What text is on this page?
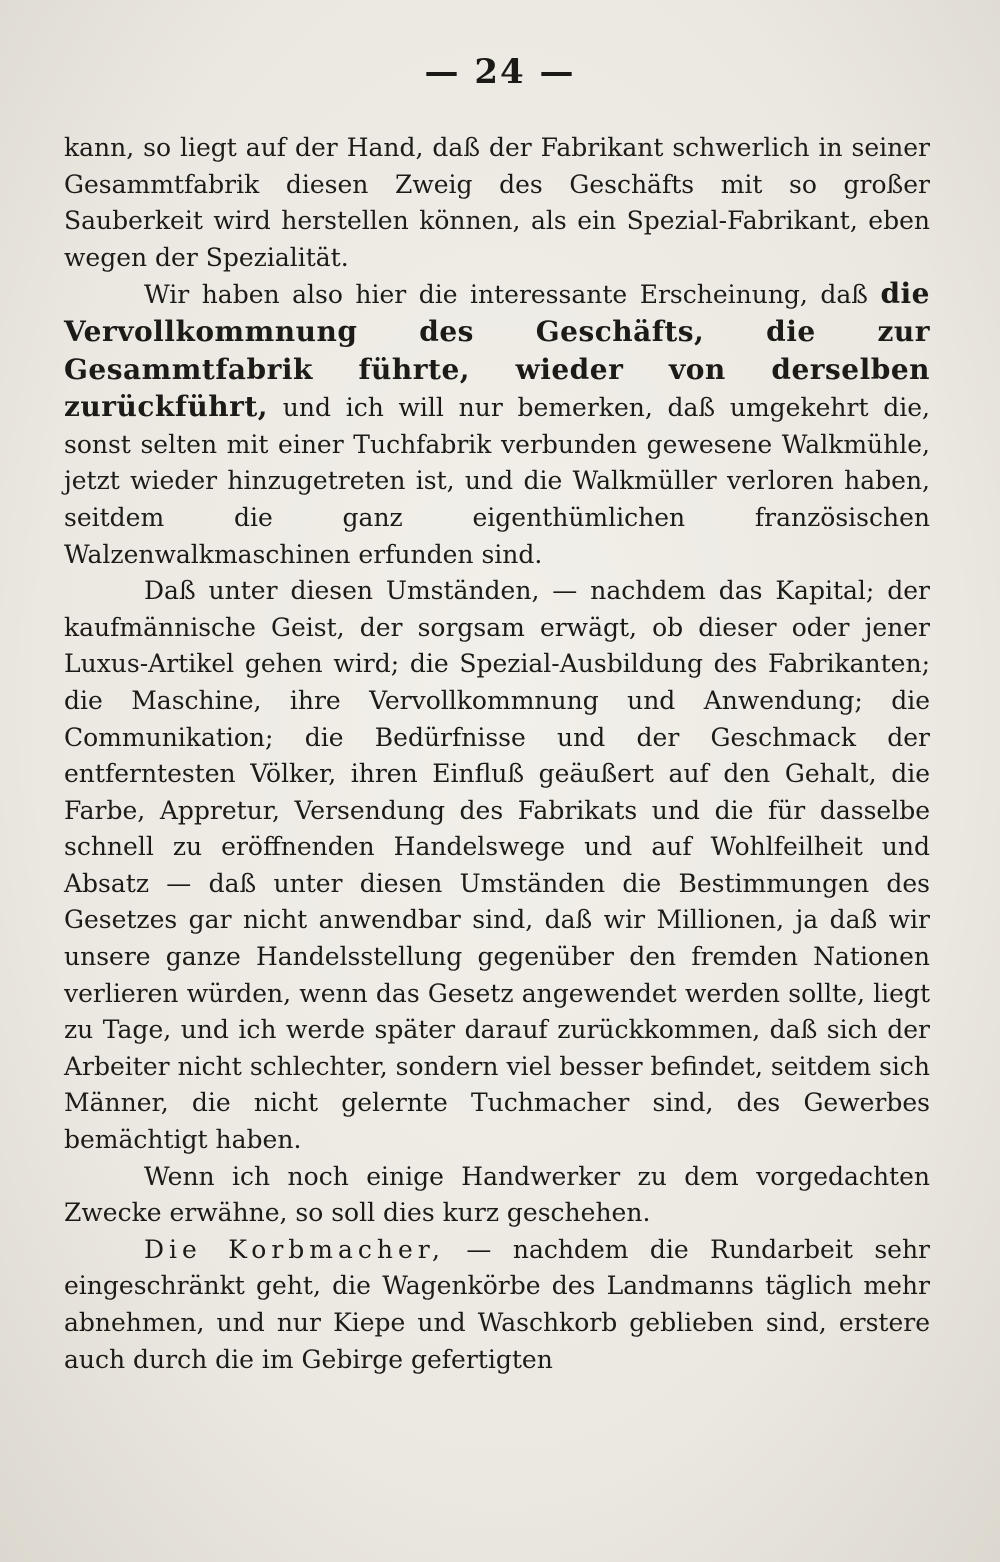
— 24 —

kann, so liegt auf der Hand, daß der Fabrikant schwerlich in seiner Gesammtfabrik diesen Zweig des Geschäfts mit so großer Sauberkeit wird herstellen können, als ein Spezial-Fabrikant, eben wegen der Spezialität.

Wir haben also hier die interessante Erscheinung, daß die Vervollkommnung des Geschäfts, die zur Gesammtfabrik führte, wieder von derselben zurückführt, und ich will nur bemerken, daß umgekehrt die, sonst selten mit einer Tuchfabrik verbunden gewesene Walkmühle, jetzt wieder hinzugetreten ist, und die Walkmüller verloren haben, seitdem die ganz eigenthümlichen französischen Walzenwalkmaschinen erfunden sind.

Daß unter diesen Umständen, — nachdem das Kapital; der kaufmännische Geist, der sorgsam erwägt, ob dieser oder jener Luxus-Artikel gehen wird; die Spezial-Ausbildung des Fabrikanten; die Maschine, ihre Vervollkommnung und Anwendung; die Communikation; die Bedürfnisse und der Geschmack der entferntesten Völker, ihren Einfluß geäußert auf den Gehalt, die Farbe, Appretur, Versendung des Fabrikats und die für dasselbe schnell zu eröffnenden Handelswege und auf Wohlfeilheit und Absatz — daß unter diesen Umständen die Bestimmungen des Gesetzes gar nicht anwendbar sind, daß wir Millionen, ja daß wir unsere ganze Handelsstellung gegenüber den fremden Nationen verlieren würden, wenn das Gesetz angewendet werden sollte, liegt zu Tage, und ich werde später darauf zurückkommen, daß sich der Arbeiter nicht schlechter, sondern viel besser befindet, seitdem sich Männer, die nicht gelernte Tuchmacher sind, des Gewerbes bemächtigt haben.

Wenn ich noch einige Handwerker zu dem vorgedachten Zwecke erwähne, so soll dies kurz geschehen.

Die Korbmacher, — nachdem die Rundarbeit sehr eingeschränkt geht, die Wagenkörbe des Landmanns täglich mehr abnehmen, und nur Kiepe und Waschkorb geblieben sind, erstere auch durch die im Gebirge gefertigten
